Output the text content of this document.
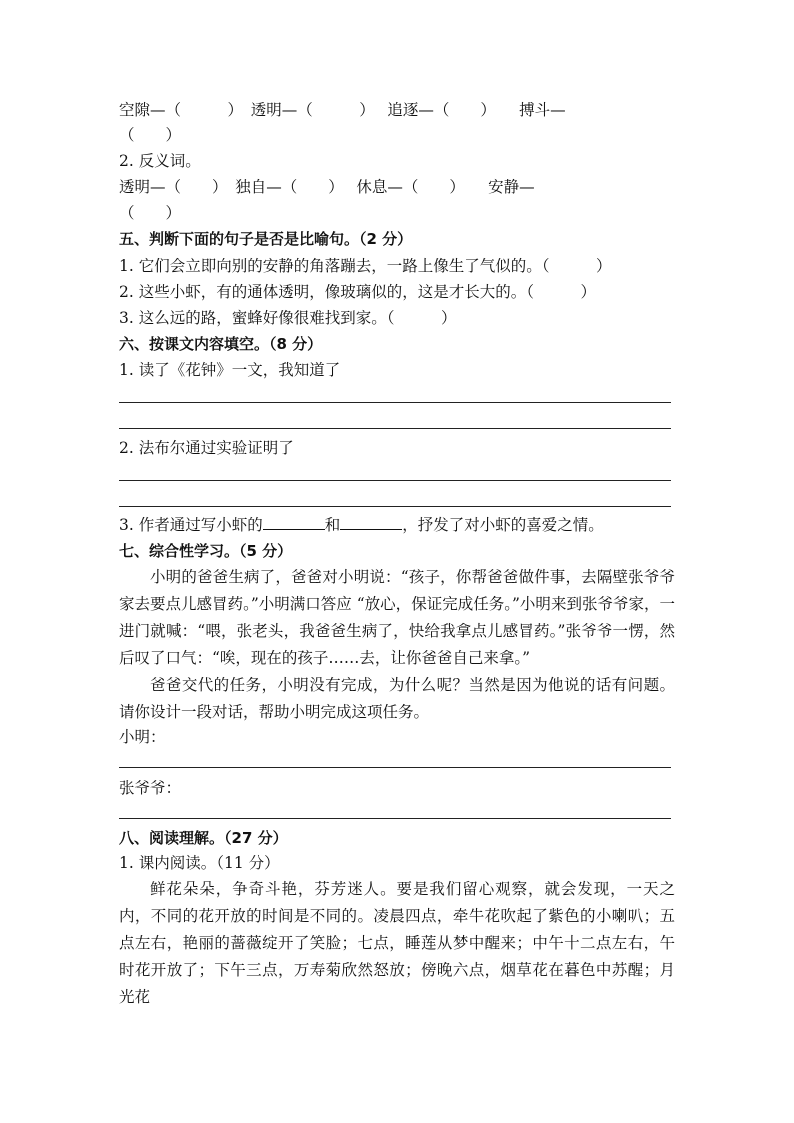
空隙—（　　　）　透明—（　　　）　 追逐—（　　）　　搏斗—
（　　）
2. 反义词。
透明—（　　）　独自—（　　）　 休息—（　　）　　安静—
（　　）
五、判断下面的句子是否是比喻句。（2 分）
1. 它们会立即向别的安静的角落蹦去，一路上像生了气似的。（　　　）
2. 这些小虾，有的通体透明，像玻璃似的，这是才长大的。（　　　）
3. 这么远的路，蜜蜂好像很难找到家。（　　　）
六、按课文内容填空。（8 分）
1. 读了《花钟》一文，我知道了
2. 法布尔通过实验证明了
3. 作者通过写小虾的	和	，抒发了对小虾的喜爱之情。
七、综合性学习。（5 分）
小明的爸爸生病了，爸爸对小明说：“孩子，你帮爸爸做件事，去隔壁张爷爷家去要点儿感冒药。”小明满口答应 “放心，保证完成任务。”小明来到张爷爷家，一进门就喊：“喂，张老头，我爸爸生病了，快给我拿点儿感冒药。”张爷爷一愣，然后叹了口气：“唉，现在的孩子……去，让你爸爸自己来拿。”
爸爸交代的任务，小明没有完成，为什么呢？当然是因为他说的话有问题。请你设计一段对话，帮助小明完成这项任务。
小明：
张爷爷：
八、阅读理解。（27 分）
1. 课内阅读。（11 分）
鲜花朵朵，争奇斗艳，芬芳迷人。要是我们留心观察，就会发现，一天之内，不同的花开放的时间是不同的。凌晨四点，牵牛花吹起了紫色的小喇叭；五点左右，艳丽的蔷薇绽开了笑脸；七点，睡莲从梦中醒来；中午十二点左右，午时花开放了；下午三点，万寿菊欣然怒放；傍晚六点，烟草花在暮色中苏醒；月光花
